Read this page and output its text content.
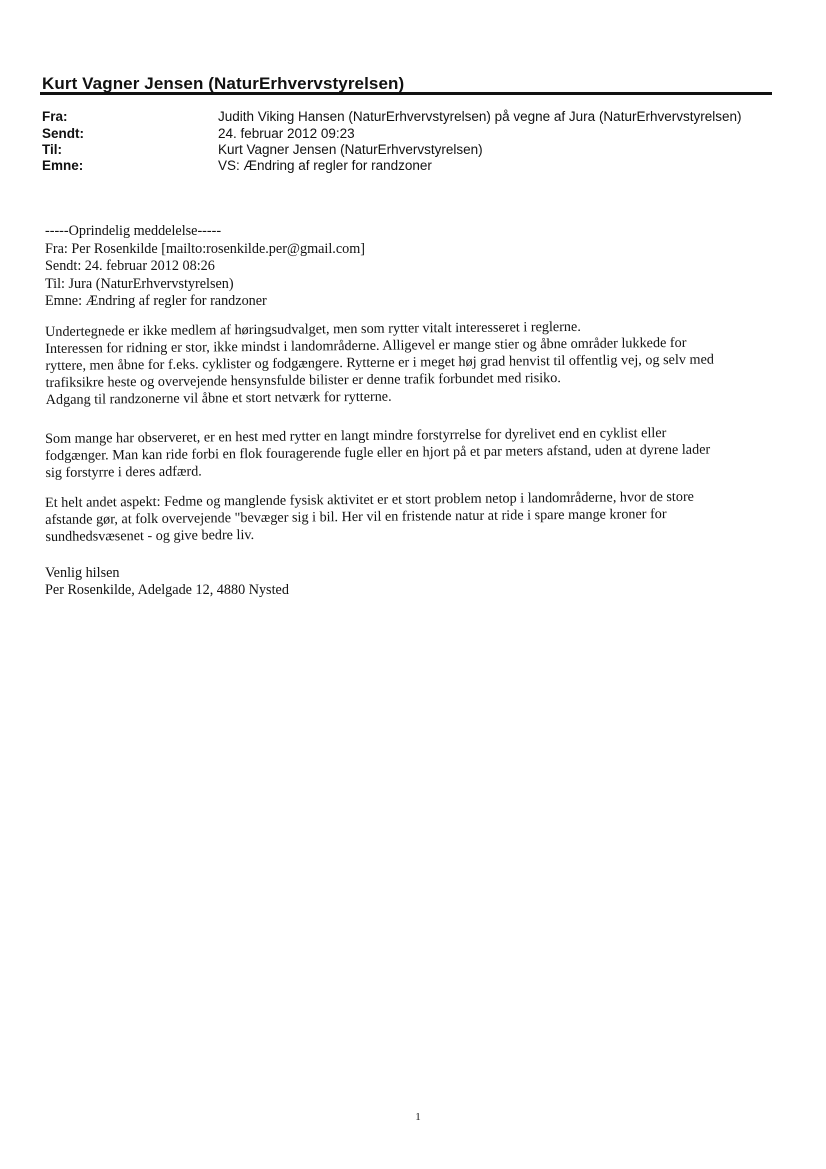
Kurt Vagner Jensen (NaturErhvervstyrelsen)
Fra:	Judith Viking Hansen (NaturErhvervstyrelsen) på vegne af Jura (NaturErhvervstyrelsen)
Sendt:	24. februar 2012 09:23
Til:	Kurt Vagner Jensen (NaturErhvervstyrelsen)
Emne:	VS: Ændring af regler for randzoner
-----Oprindelig meddelelse-----
Fra: Per Rosenkilde [mailto:rosenkilde.per@gmail.com]
Sendt: 24. februar 2012 08:26
Til: Jura (NaturErhvervstyrelsen)
Emne: Ændring af regler for randzoner
Undertegnede er ikke medlem af høringsudvalget, men som rytter vitalt interesseret i reglerne.
Interessen for ridning er stor, ikke mindst i landområderne. Alligevel er mange stier og åbne områder lukkede for
ryttere, men åbne for f.eks. cyklister og fodgængere. Rytterne er i meget høj grad henvist til offentlig vej, og selv med
trafiksikre heste og overvejende hensynsfulde bilister er denne trafik forbundet med risiko.
Adgang til randzonerne vil åbne et stort netværk for rytterne.
Som mange har observeret, er en hest med rytter en langt mindre forstyrrelse for dyrelivet end en cyklist eller
fodgænger. Man kan ride forbi en flok fouragerende fugle eller en hjort på et par meters afstand, uden at dyrene lader
sig forstyrre i deres adfærd.
Et helt andet aspekt: Fedme og manglende fysisk aktivitet er et stort problem netop i landområderne, hvor de store
afstande gør, at folk overvejende "bevæger sig i bil. Her vil en fristende natur at ride i spare mange kroner for
sundhedsvæsenet - og give bedre liv.
Venlig hilsen
Per Rosenkilde, Adelgade 12, 4880 Nysted
1
